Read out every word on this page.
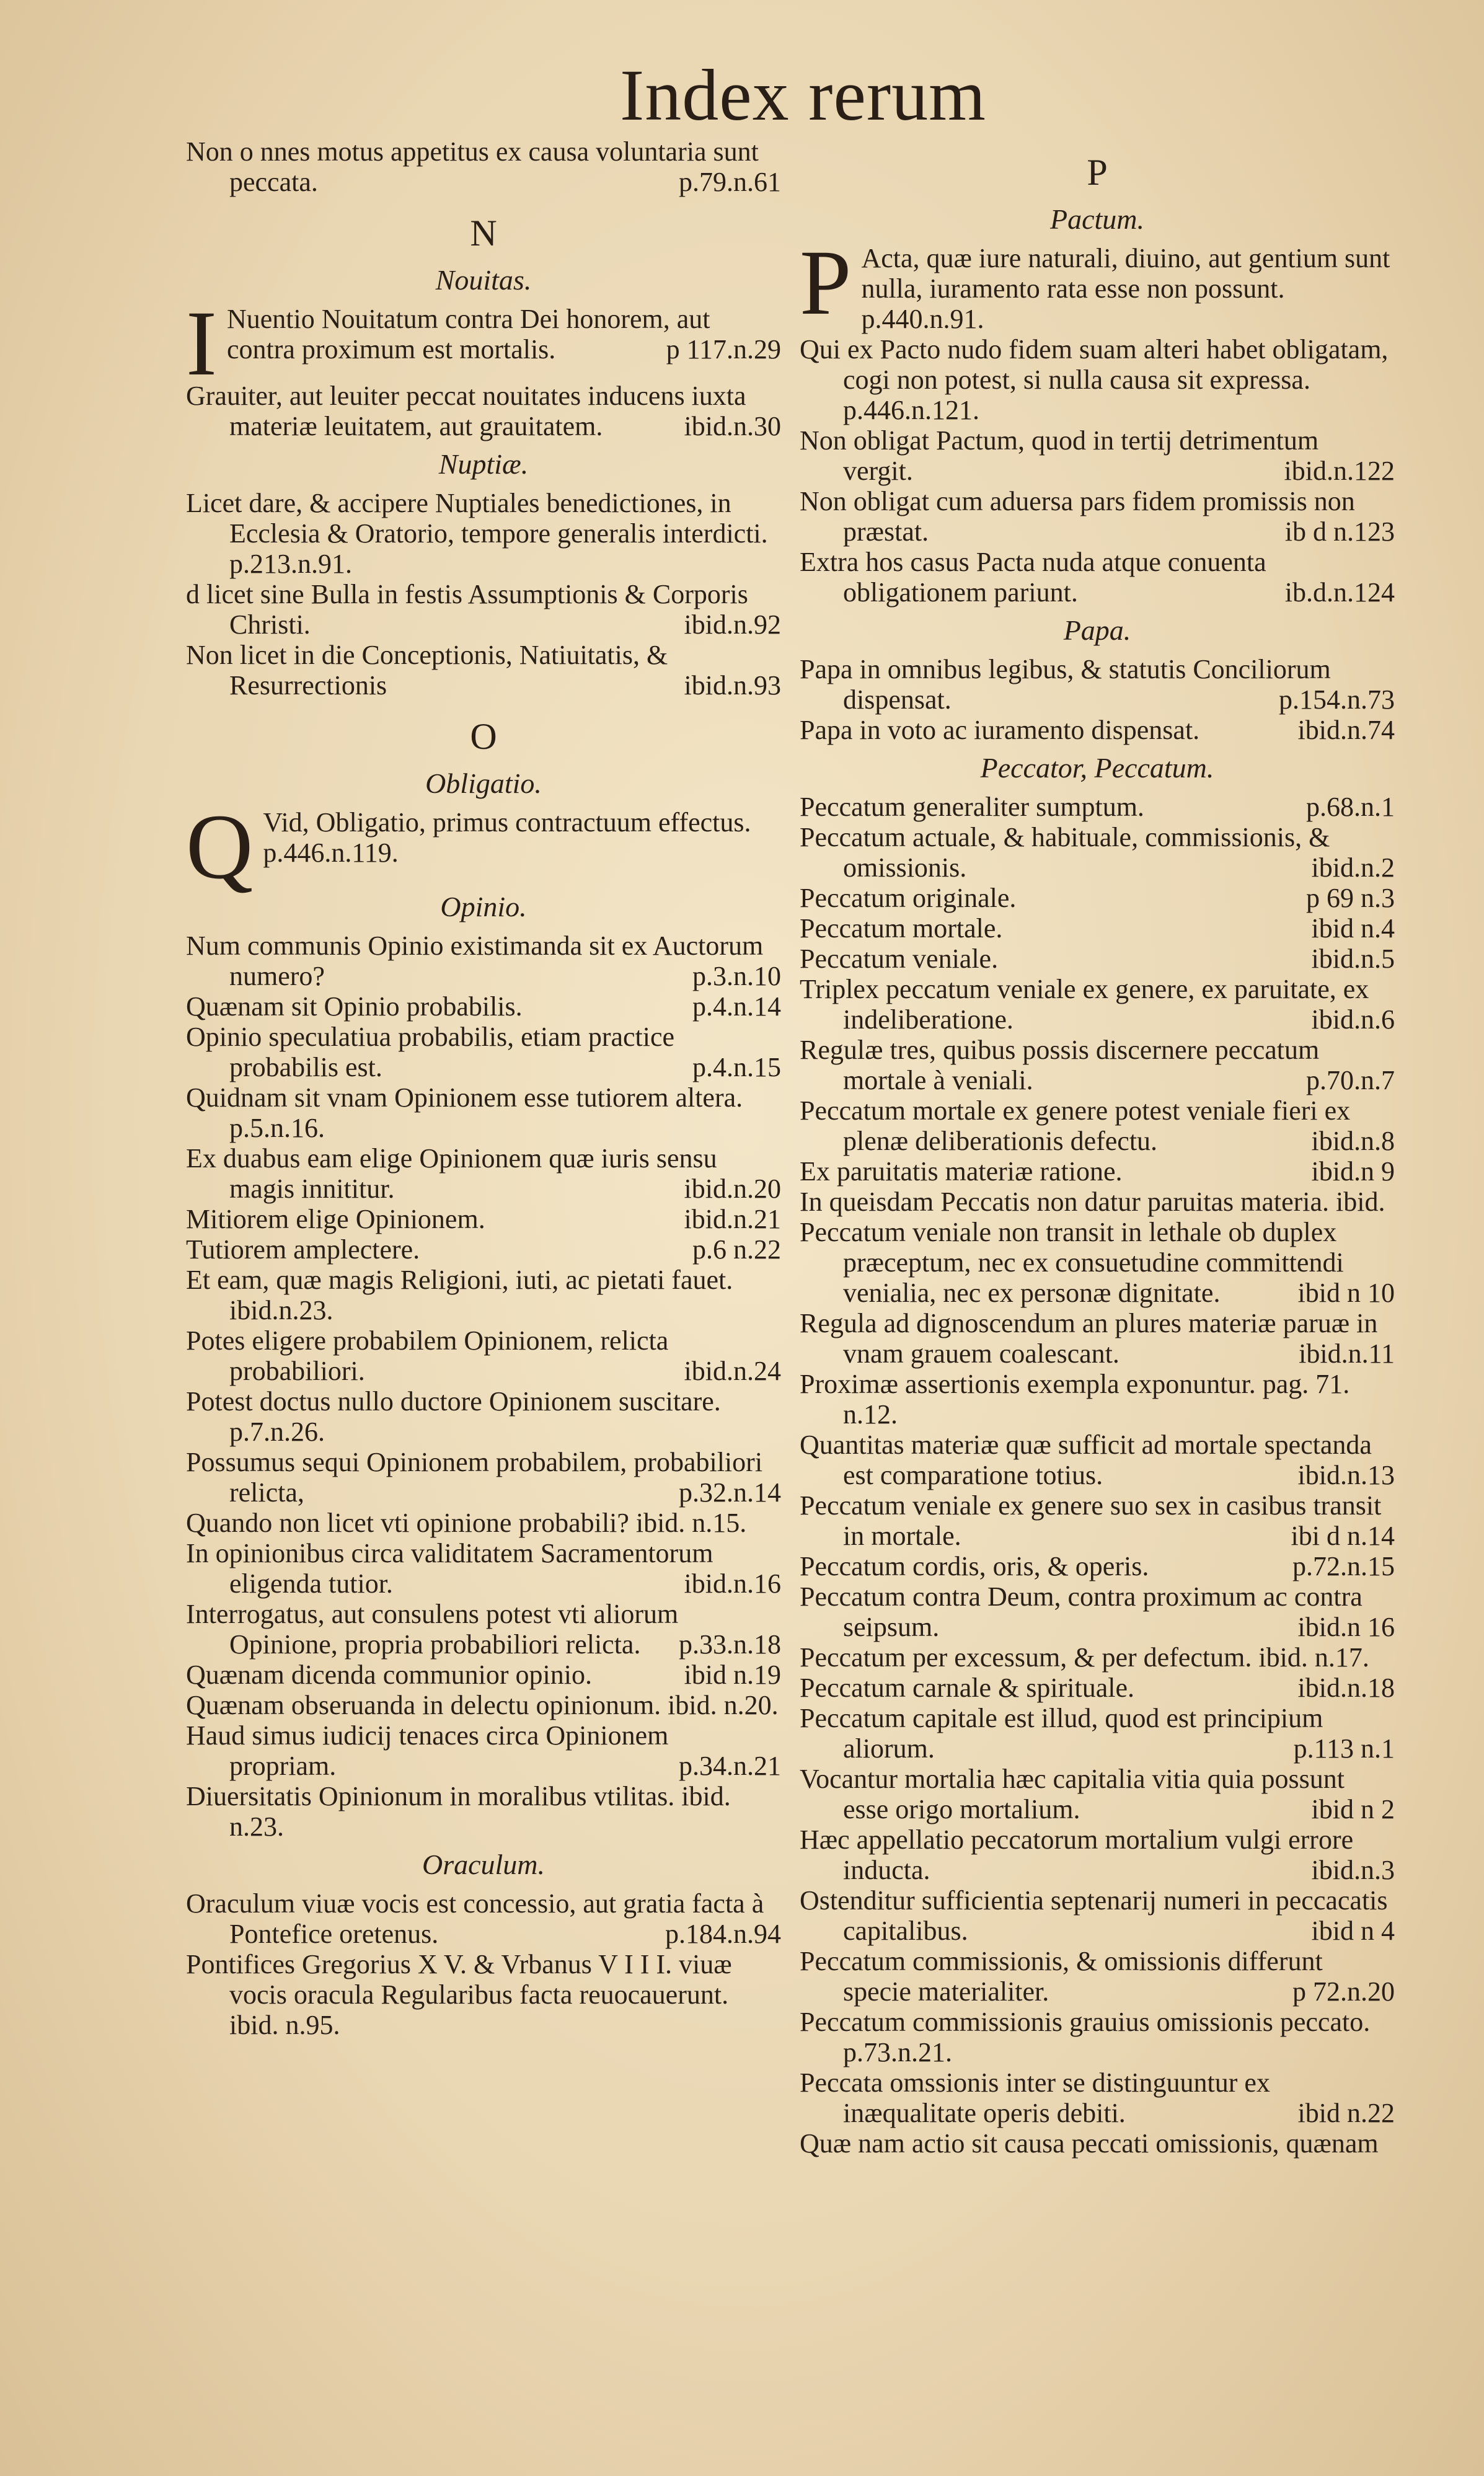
Index rerum
Non o nnes motus appetitus ex causa voluntaria sunt peccata.	p.79.n.61
N
Nouitas.
I Nuentio Nouitatum contra Dei honorem, aut contra proximum est mortalis.	p 117.n.29
Grauiter, aut leuiter peccat nouitates inducens iuxta materiæ leuitatem, aut grauitatem.	ibid.n.30
Nuptiæ.
Licet dare, & accipere Nuptiales benedictiones, in Ecclesia & Oratorio, tempore generalis interdicti. p.213.n.91.
d licet sine Bulla in festis Assumptionis & Corporis Christi.	ibid.n.92
Non licet in die Conceptionis, Natiuitatis, & Resurrectionis	ibid.n.93
O
Obligatio.
Q Vid, Obligatio, primus contractuum effectus. p.446.n.119.
Opinio.
Num communis Opinio existimanda sit ex Auctorum numero?	p.3.n.10
Quænam sit Opinio probabilis.	p.4.n.14
Opinio speculatiua probabilis, etiam practice probabilis est.	p.4.n.15
Quidnam sit vnam Opinionem esse tutiorem altera. p.5.n.16.
Ex duabus eam elige Opinionem quæ iuris sensu magis innititur.	ibid.n.20
Mitiorem elige Opinionem.	ibid.n.21
Tutiorem amplectere.	p.6 n.22
Et eam, quæ magis Religioni, iuti, ac pietati fauet. ibid.n.23.
Potes eligere probabilem Opinionem, relicta probabiliori.	ibid.n.24
Potest doctus nullo ductore Opinionem suscitare. p.7.n.26.
Possumus sequi Opinionem probabilem, probabiliori relicta,	p.32.n.14
Quando non licet vti opinione probabili? ibid. n.15.
In opinionibus circa validitatem Sacramentorum eligenda tutior.	ibid.n.16
Interrogatus, aut consulens potest vti aliorum Opinione, propria probabiliori relicta.	p.33.n.18
Quænam dicenda communior opinio.	ibid n.19
Quænam obseruanda in delectu opinionum. ibid. n.20.
Haud simus iudicij tenaces circa Opinionem propriam.	p.34.n.21
Diuersitatis Opinionum in moralibus vtilitas. ibid. n.23.
Oraculum.
Oraculum viuæ vocis est concessio, aut gratia facta à Pontefice oretenus.	p.184.n.94
Pontifices Gregorius X V. & Vrbanus V I I I. viuæ vocis oracula Regularibus facta reuocauerunt. ibid. n.95.
P
Pactum.
P Acta, quæ iure naturali, diuino, aut gentium sunt nulla, iuramento rata esse non possunt. p.440.n.91.
Qui ex Pacto nudo fidem suam alteri habet obligatam, cogi non potest, si nulla causa sit expressa. p.446.n.121.
Non obligat Pactum, quod in tertij detrimentum vergit.	ibid.n.122
Non obligat cum aduersa pars fidem promissis non præstat.	ib d n.123
Extra hos casus Pacta nuda atque conuenta obligationem pariunt.	ib.d.n.124
Papa.
Papa in omnibus legibus, & statutis Conciliorum dispensat.	p.154.n.73
Papa in voto ac iuramento dispensat.	ibid.n.74
Peccator, Peccatum.
Peccatum generaliter sumptum.	p.68.n.1
Peccatum actuale, & habituale, commissionis, & omissionis.	ibid.n.2
Peccatum originale.	p 69 n.3
Peccatum mortale.	ibid n.4
Peccatum veniale.	ibid.n.5
Triplex peccatum veniale ex genere, ex paruitate, ex indeliberatione.	ibid.n.6
Regulæ tres, quibus possis discernere peccatum mortale à veniali.	p.70.n.7
Peccatum mortale ex genere potest veniale fieri ex plenæ deliberationis defectu.	ibid.n.8
Ex paruitatis materiæ ratione.	ibid.n 9
In queisdam Peccatis non datur paruitas materia. ibid.
Peccatum veniale non transit in lethale ob duplex præceptum, nec ex consuetudine committendi venialia, nec ex personæ dignitate.	ibid n 10
Regula ad dignoscendum an plures materiæ paruæ in vnam grauem coalescant.	ibid.n.11
Proximæ assertionis exempla exponuntur. pag. 71. n.12.
Quantitas materiæ quæ sufficit ad mortale spectanda est comparatione totius.	ibid.n.13
Peccatum veniale ex genere suo sex in casibus transit in mortale.	ibi d n.14
Peccatum cordis, oris, & operis.	p.72.n.15
Peccatum contra Deum, contra proximum ac contra seipsum.	ibid.n 16
Peccatum per excessum, & per defectum. ibid. n.17.
Peccatum carnale & spirituale.	ibid.n.18
Peccatum capitale est illud, quod est principium aliorum.	p.113 n.1
Vocantur mortalia hæc capitalia vitia quia possunt esse origo mortalium.	ibid n 2
Hæc appellatio peccatorum mortalium vulgi errore inducta.	ibid.n.3
Ostenditur sufficientia septenarij numeri in peccacatis capitalibus.	ibid n 4
Peccatum commissionis, & omissionis differunt specie materialiter.	p 72.n.20
Peccatum commissionis grauius omissionis peccato. p.73.n.21.
Peccata omssionis inter se distinguuntur ex inæqualitate operis debiti.	ibid n.22
Quæ nam actio sit causa peccati omissionis, quænam
